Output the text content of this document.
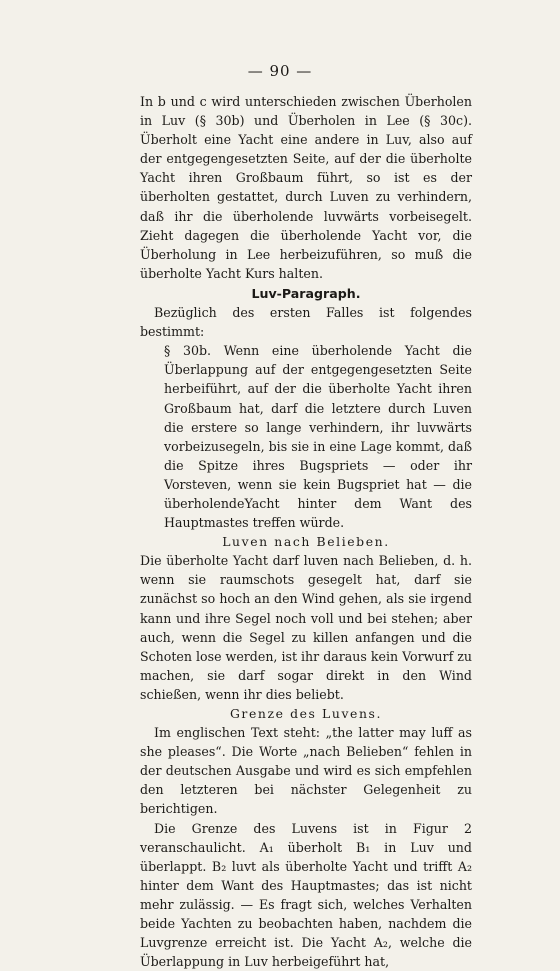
— 90 —

In b und c wird unterschieden zwischen Überholen in Luv (§ 30b) und Überholen in Lee (§ 30c). Überholt eine Yacht eine andere in Luv, also auf der entgegengesetzten Seite, auf der die überholte Yacht ihren Großbaum führt, so ist es der überholten gestattet, durch Luven zu verhindern, daß ihr die überholende luvwärts vorbeisegelt. Zieht dagegen die überholende Yacht vor, die Überholung in Lee herbeizuführen, so muß die überholte Yacht Kurs halten.

Luv-Paragraph.

Bezüglich des ersten Falles ist folgendes bestimmt:

§ 30b. Wenn eine überholende Yacht die Überlappung auf der entgegengesetzten Seite herbeiführt, auf der die überholte Yacht ihren Großbaum hat, darf die letztere durch Luven die erstere so lange verhindern, ihr luvwärts vorbeizusegeln, bis sie in eine Lage kommt, daß die Spitze ihres Bugspriets — oder ihr Vorsteven, wenn sie kein Bugspriet hat — die überholendeYacht hinter dem Want des Hauptmastes treffen würde.

Luven nach Belieben.

Die überholte Yacht darf luven nach Belieben, d. h. wenn sie raumschots gesegelt hat, darf sie zunächst so hoch an den Wind gehen, als sie irgend kann und ihre Segel noch voll und bei stehen; aber auch, wenn die Segel zu killen anfangen und die Schoten lose werden, ist ihr daraus kein Vorwurf zu machen, sie darf sogar direkt in den Wind schießen, wenn ihr dies beliebt.

Grenze des Luvens.

Im englischen Text steht: „the latter may luff as she pleases“. Die Worte „nach Belieben“ fehlen in der deutschen Ausgabe und wird es sich empfehlen den letzteren bei nächster Gelegenheit zu berichtigen.

Die Grenze des Luvens ist in Figur 2 veranschaulicht. A₁ überholt B₁ in Luv und überlappt. B₂ luvt als überholte Yacht und trifft A₂ hinter dem Want des Hauptmastes; das ist nicht mehr zulässig. — Es fragt sich, welches Verhalten beide Yachten zu beobachten haben, nachdem die Luvgrenze erreicht ist. Die Yacht A₂, welche die Überlappung in Luv herbeigeführt hat,
